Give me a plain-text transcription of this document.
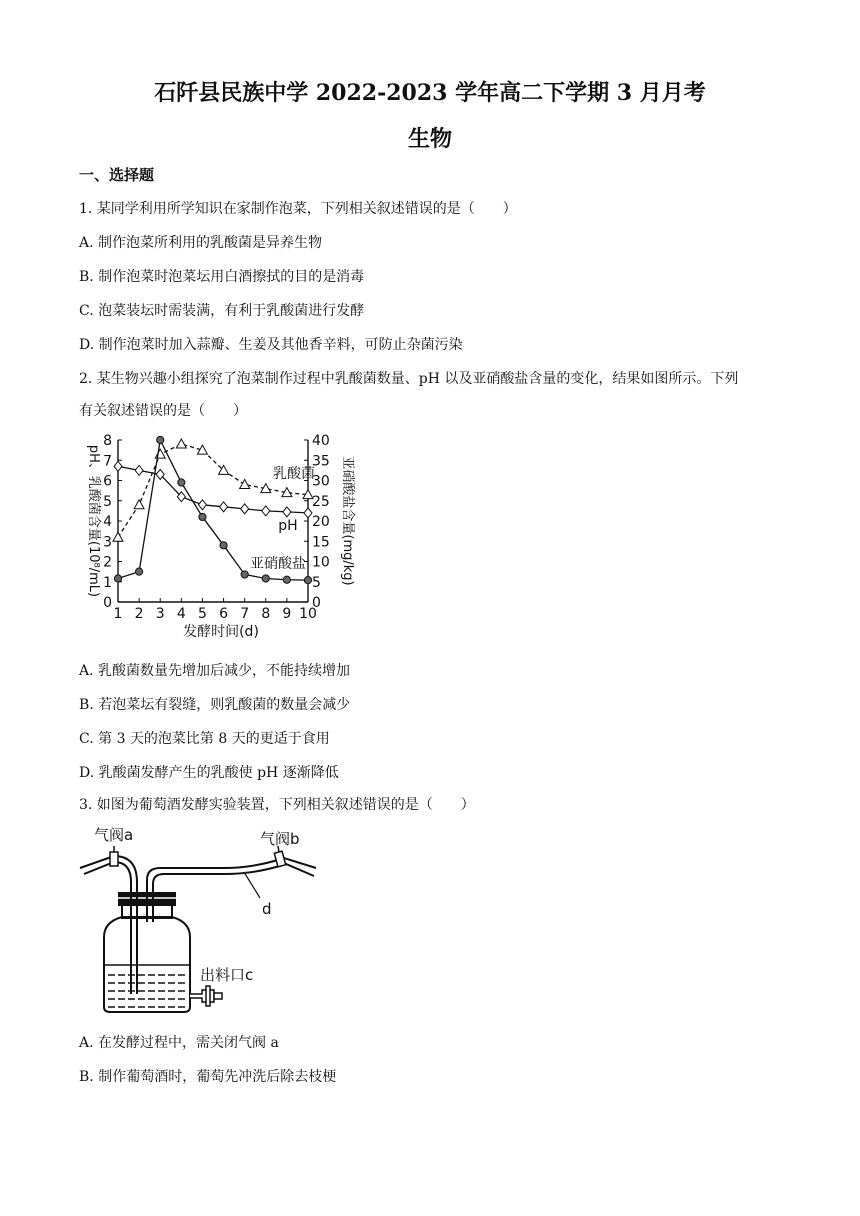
石阡县民族中学 2022-2023 学年高二下学期 3 月月考
生物
一、选择题
1. 某同学利用所学知识在家制作泡菜，下列相关叙述错误的是（　　）
A. 制作泡菜所利用的乳酸菌是异养生物
B. 制作泡菜时泡菜坛用白酒擦拭的目的是消毒
C. 泡菜装坛时需装满，有利于乳酸菌进行发酵
D. 制作泡菜时加入蒜瓣、生姜及其他香辛料，可防止杂菌污染
2. 某生物兴趣小组探究了泡菜制作过程中乳酸菌数量、pH 以及亚硝酸盐含量的变化，结果如图所示。下列
有关叙述错误的是（　　）
0
1
2
3
4
5
6
7
8
0
5
10
15
20
25
30
35
40
1 2 3 4 5 6 7 8 9 10
发酵时间(d)
pH、乳酸菌含量(10⁸/mL)	亚硝酸盐含量(mg/kg)
乳酸菌
pH
亚硝酸盐
A. 乳酸菌数量先增加后减少，不能持续增加
B. 若泡菜坛有裂缝，则乳酸菌的数量会减少
C. 第 3 天的泡菜比第 8 天的更适于食用
D. 乳酸菌发酵产生的乳酸使 pH 逐渐降低
3. 如图为葡萄酒发酵实验装置，下列相关叙述错误的是（　　）
气阀a	气阀b
d
出料口c
A. 在发酵过程中，需关闭气阀 a
B. 制作葡萄酒时，葡萄先冲洗后除去枝梗
